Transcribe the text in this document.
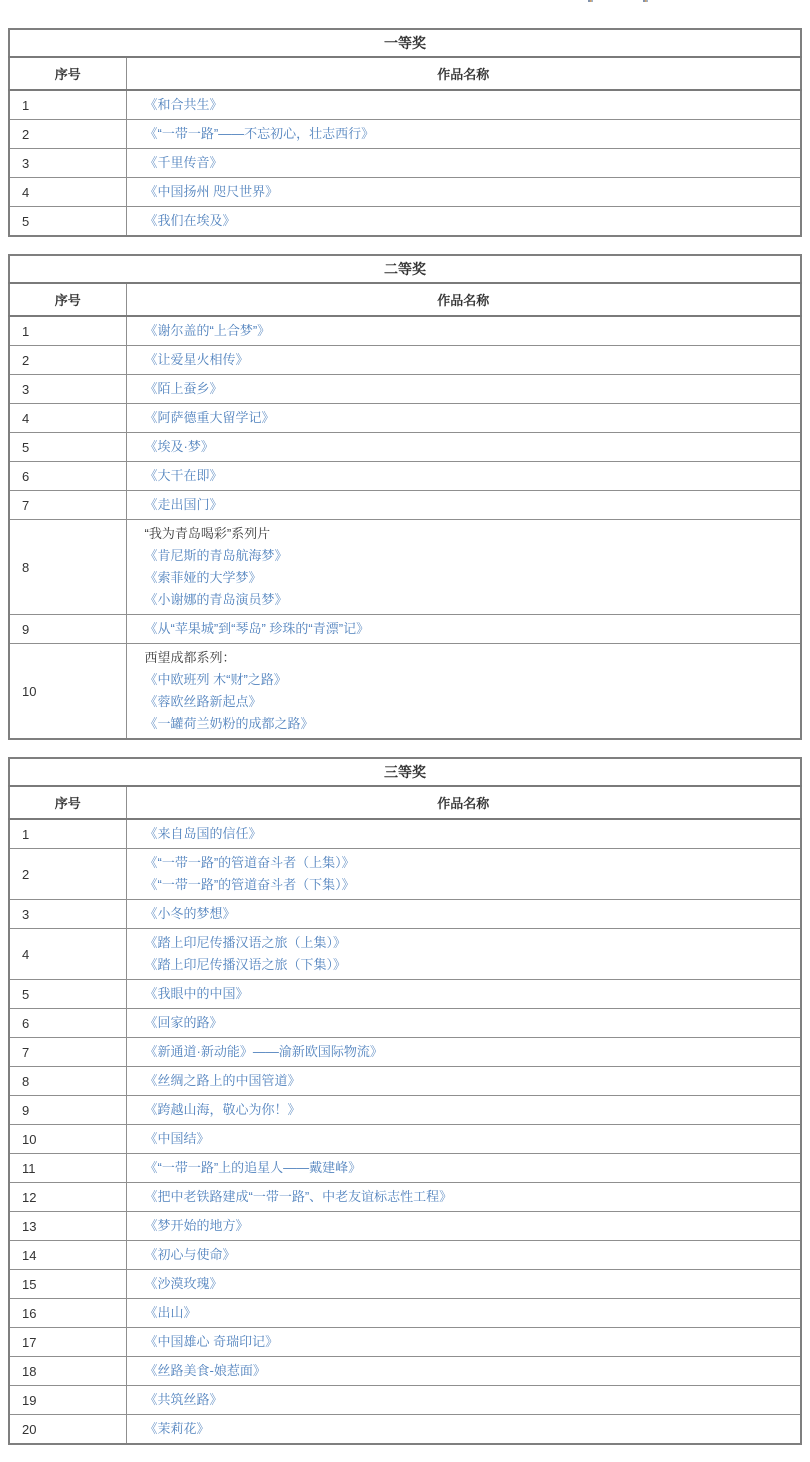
一等奖	
序号	作品名称
1	《和合共生》

2	《“一带一路”——不忘初心，壮志西行》

3	《千里传音》

4	《中国扬州 咫尺世界》

5	《我们在埃及》
二等奖	
序号	作品名称
1	《谢尔盖的“上合梦”》

2	《让爱星火相传》

3	《陌上蚕乡》

4	《阿萨德重大留学记》

5	《埃及·梦》

6	《大干在即》

7	《走出国门》

8	“我为青岛喝彩”系列片
《肯尼斯的青岛航海梦》
《索菲娅的大学梦》
《小谢娜的青岛演员梦》

9	《从“苹果城”到“琴岛” 珍珠的“青漂”记》

10	西望成都系列：
《中欧班列 木“财”之路》
《蓉欧丝路新起点》
《一罐荷兰奶粉的成都之路》
三等奖	
序号	作品名称
1	《来自岛国的信任》

2	《“一带一路”的管道奋斗者（上集）》
《“一带一路”的管道奋斗者（下集）》

3	《小冬的梦想》

4	《踏上印尼传播汉语之旅（上集）》
《踏上印尼传播汉语之旅（下集）》

5	《我眼中的中国》

6	《回家的路》

7	《新通道·新动能》——渝新欧国际物流》

8	《丝绸之路上的中国管道》

9	《跨越山海，敬心为你！》

10	《中国结》

11	《“一带一路”上的追星人——戴建峰》

12	《把中老铁路建成“一带一路”、中老友谊标志性工程》

13	《梦开始的地方》

14	《初心与使命》

15	《沙漠玫瑰》

16	《出山》

17	《中国雄心 奇瑞印记》

18	《丝路美食-娘惹面》

19	《共筑丝路》

20	《茉莉花》
